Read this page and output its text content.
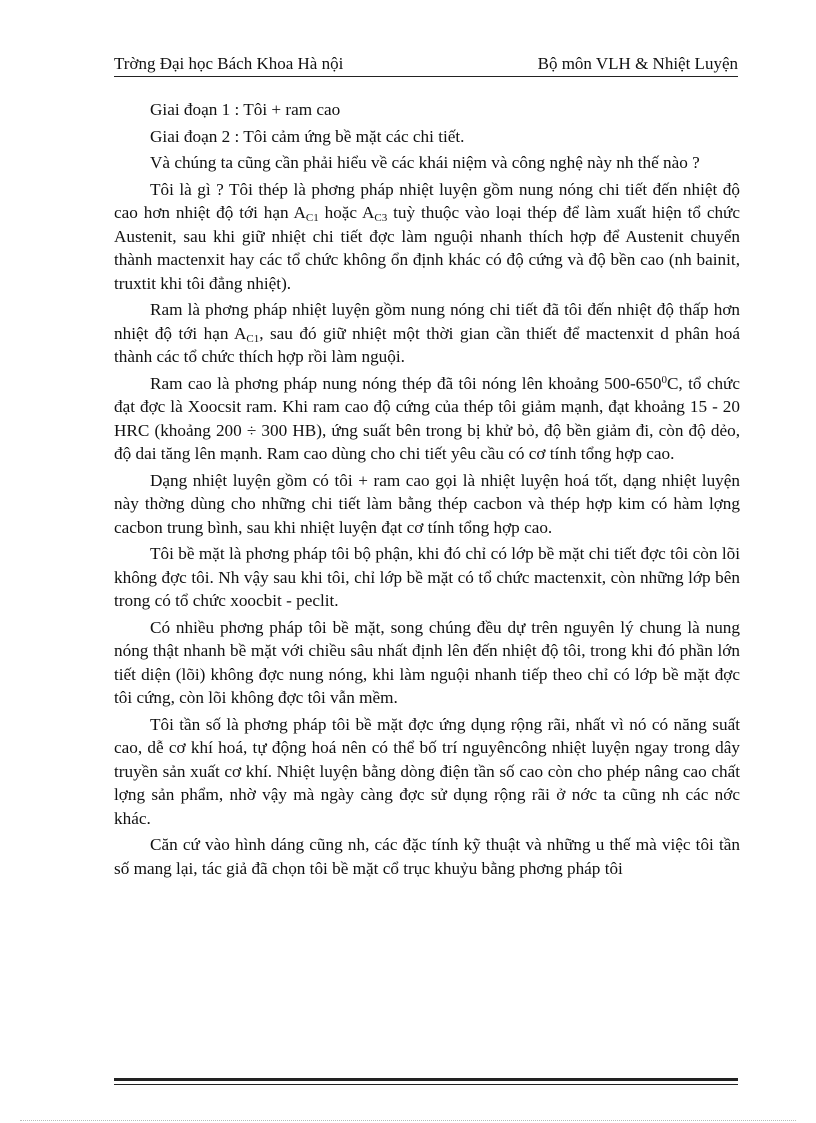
Trờng Đại học Bách Khoa Hà nội	Bộ môn VLH & Nhiệt Luyện

Giai đoạn 1 : Tôi + ram cao

Giai đoạn 2 : Tôi cảm ứng bề mặt các chi tiết.

Và chúng ta cũng cần phải hiểu về các khái niệm và công nghệ này nh thế nào ?

Tôi là gì ? Tôi thép là phơng pháp nhiệt luyện gồm nung nóng chi tiết đến nhiệt độ cao hơn nhiệt độ tới hạn $A_{C1}$ hoặc $A_{C3}$ tuỳ thuộc vào loại thép để làm xuất hiện tổ chức Austenit, sau khi giữ nhiệt chi tiết đợc làm nguội nhanh thích hợp để Austenit chuyển thành mactenxit hay các tổ chức không ổn định khác có độ cứng và độ bền cao (nh bainit, truxtit khi tôi đẳng nhiệt).

Ram là phơng pháp nhiệt luyện gồm nung nóng chi tiết đã tôi đến nhiệt độ thấp hơn nhiệt độ tới hạn $A_{C1}$, sau đó giữ nhiệt một thời gian cần thiết để mactenxit d phân hoá thành các tổ chức thích hợp rồi làm nguội.

Ram cao là phơng pháp nung nóng thép đã tôi nóng lên khoảng $500-650^0C$, tổ chức đạt đợc là Xoocsit ram. Khi ram cao độ cứng của thép tôi giảm mạnh, đạt khoảng 15 - 20 HRC (khoảng 200 ÷ 300 HB), ứng suất bên trong bị khử bỏ, độ bền giảm đi, còn độ dẻo, độ dai tăng lên mạnh. Ram cao dùng cho chi tiết yêu cầu có cơ tính tổng hợp cao.

Dạng nhiệt luyện gồm có tôi + ram cao gọi là nhiệt luyện hoá tốt, dạng nhiệt luyện này thờng dùng cho những chi tiết làm bằng thép cacbon và thép hợp kim có hàm lợng cacbon trung bình, sau khi nhiệt luyện đạt cơ tính tổng hợp cao.

Tôi bề mặt là phơng pháp tôi bộ phận, khi đó chỉ có lớp bề mặt chi tiết đợc tôi còn lõi không đợc tôi. Nh vậy sau khi tôi, chỉ lớp bề mặt có tổ chức mactenxit, còn những lớp bên trong có tổ chức xoocbit - peclit.

Có nhiều phơng pháp tôi bề mặt, song chúng đều dự trên nguyên lý chung là nung nóng thật nhanh bề mặt với chiều sâu nhất định lên đến nhiệt độ tôi, trong khi đó phần lớn tiết diện (lõi) không đợc nung nóng, khi làm nguội nhanh tiếp theo chỉ có lớp bề mặt đợc tôi cứng, còn lõi không đợc tôi vẫn mềm.

Tôi tần số là phơng pháp tôi bề mặt đợc ứng dụng rộng rãi, nhất vì nó có năng suất cao, dễ cơ khí hoá, tự động hoá nên có thể bố trí nguyêncông nhiệt luyện ngay trong dây truyền sản xuất cơ khí. Nhiệt luyện bằng dòng điện tần số cao còn cho phép nâng cao chất lợng sản phẩm, nhờ vậy mà ngày càng đợc sử dụng rộng rãi ở nớc ta cũng nh các nớc khác.

Căn cứ vào hình dáng cũng nh, các đặc tính kỹ thuật và những u thế mà việc tôi tần số mang lại, tác giả đã chọn tôi bề mặt cổ trục khuỷu bằng phơng pháp tôi
